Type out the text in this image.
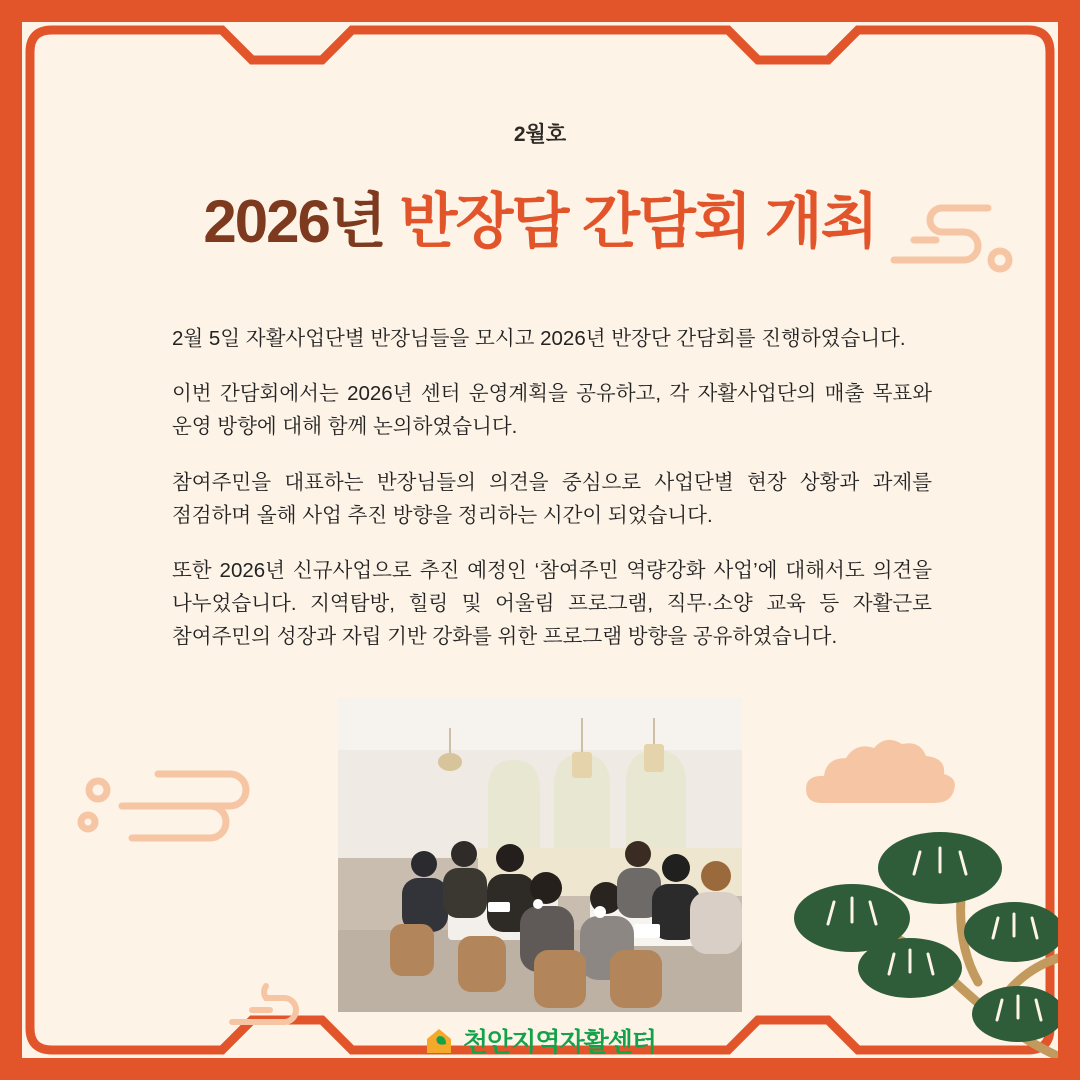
2월호
2026년 반장담 간담회 개최

2월 5일 자활사업단별 반장님들을 모시고 2026년 반장단 간담회를 진행하였습니다.

이번 간담회에서는 2026년 센터 운영계획을 공유하고, 각 자활사업단의 매출 목표와 운영 방향에 대해 함께 논의하였습니다.

참여주민을 대표하는 반장님들의 의견을 중심으로 사업단별 현장 상황과 과제를 점검하며 올해 사업 추진 방향을 정리하는 시간이 되었습니다.

또한 2026년 신규사업으로 추진 예정인 ‘참여주민 역량강화 사업’에 대해서도 의견을 나누었습니다. 지역탐방, 힐링 및 어울림 프로그램, 직무·소양 교육 등 자활근로 참여주민의 성장과 자립 기반 강화를 위한 프로그램 방향을 공유하였습니다.

천안지역자활센터
